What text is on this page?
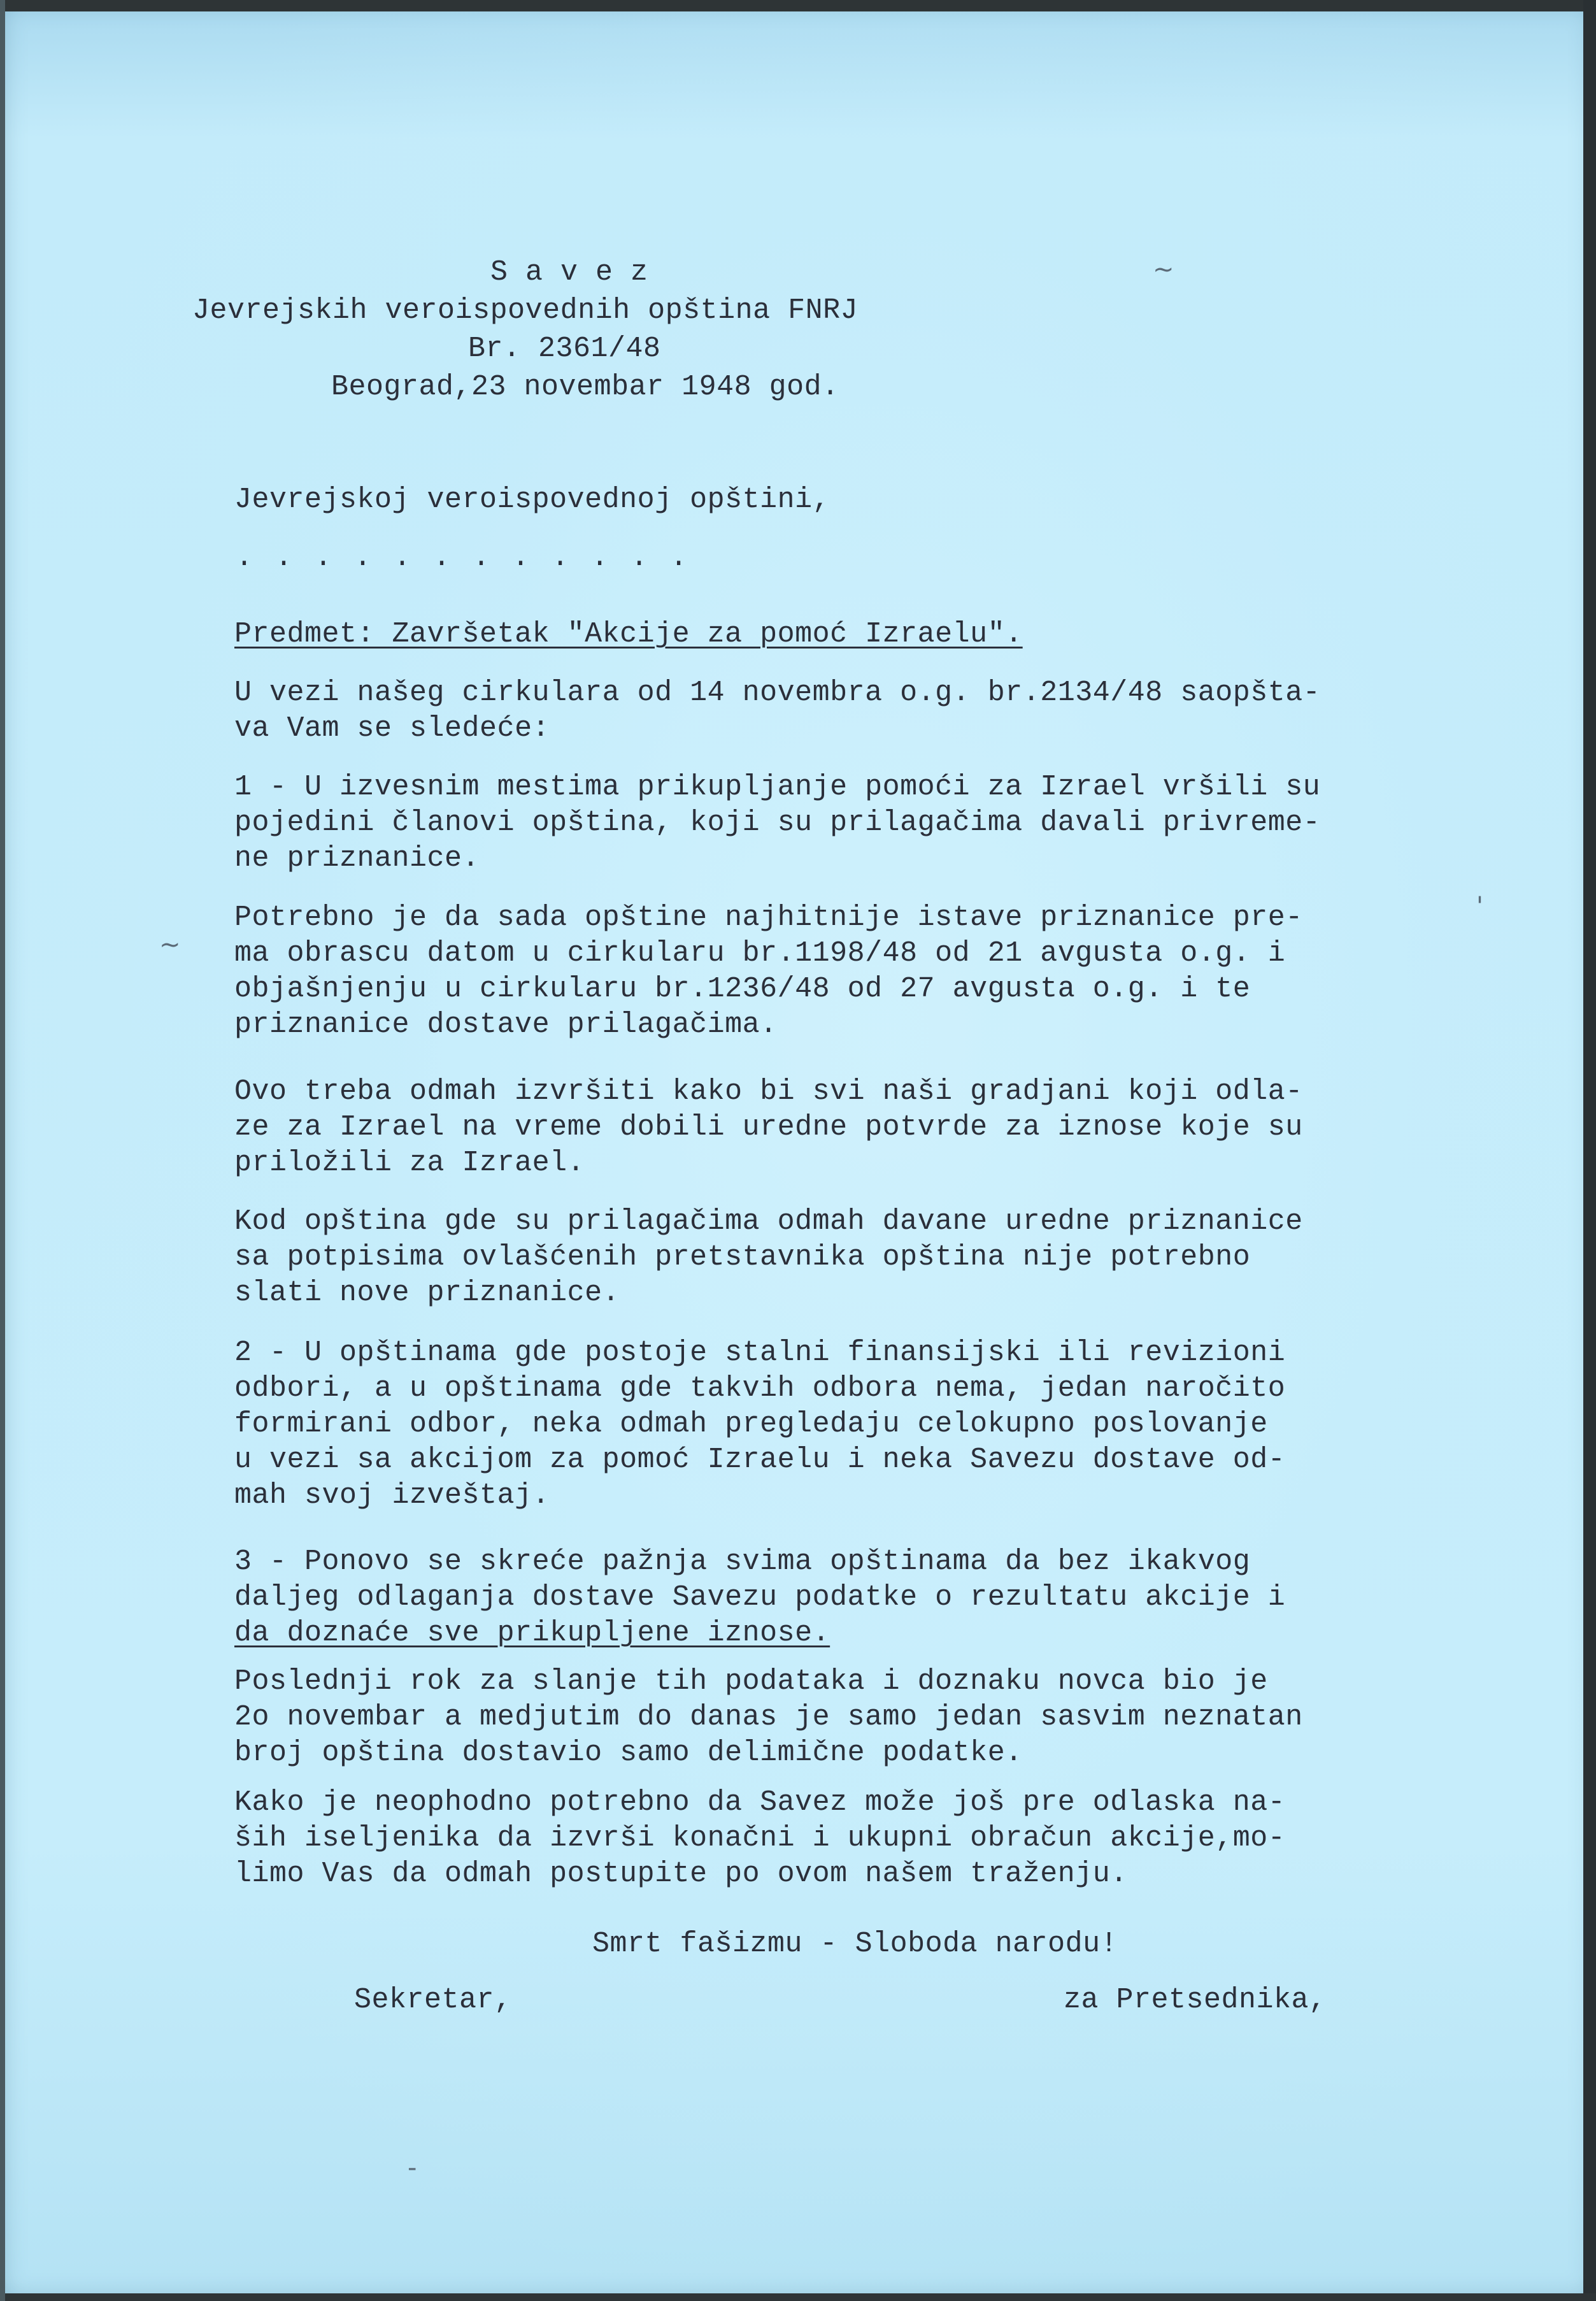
S a v e z
Jevrejskih veroispovednih opština FNRJ
Br. 2361/48
Beograd,23 novembar 1948 god.
Jevrejskoj veroispovednoj opštini,
. . . . . . . . . . . .
Predmet: Završetak "Akcije za pomoć Izraelu".
U vezi našeg cirkulara od 14 novembra o.g. br.2134/48 saopšta-
va Vam se sledeće:
1 - U izvesnim mestima prikupljanje pomoći za Izrael vršili su
pojedini članovi opština, koji su prilagačima davali privreme-
ne priznanice.
Potrebno je da sada opštine najhitnije istave priznanice pre-
ma obrascu datom u cirkularu br.1198/48 od 21 avgusta o.g. i
objašnjenju u cirkularu br.1236/48 od 27 avgusta o.g. i te
priznanice dostave prilagačima.
Ovo treba odmah izvršiti kako bi svi naši gradjani koji odla-
ze za Izrael na vreme dobili uredne potvrde za iznose koje su
priložili za Izrael.
Kod opština gde su prilagačima odmah davane uredne priznanice
sa potpisima ovlašćenih pretstavnika opština nije potrebno
slati nove priznanice.
2 - U opštinama gde postoje stalni finansijski ili revizioni
odbori, a u opštinama gde takvih odbora nema, jedan naročito
formirani odbor, neka odmah pregledaju celokupno poslovanje
u vezi sa akcijom za pomoć Izraelu i neka Savezu dostave od-
mah svoj izveštaj.
3 - Ponovo se skreće pažnja svima opštinama da bez ikakvog
daljeg odlaganja dostave Savezu podatke o rezultatu akcije i
da doznaće sve prikupljene iznose.
Poslednji rok za slanje tih podataka i doznaku novca bio je
2o novembar a medjutim do danas je samo jedan sasvim neznatan
broj opština dostavio samo delimične podatke.
Kako je neophodno potrebno da Savez može još pre odlaska na-
ših iseljenika da izvrši konačni i ukupni obračun akcije,mo-
limo Vas da odmah postupite po ovom našem traženju.
Smrt fašizmu - Sloboda narodu!
Sekretar,	za Pretsednika,
~
'
~
-
